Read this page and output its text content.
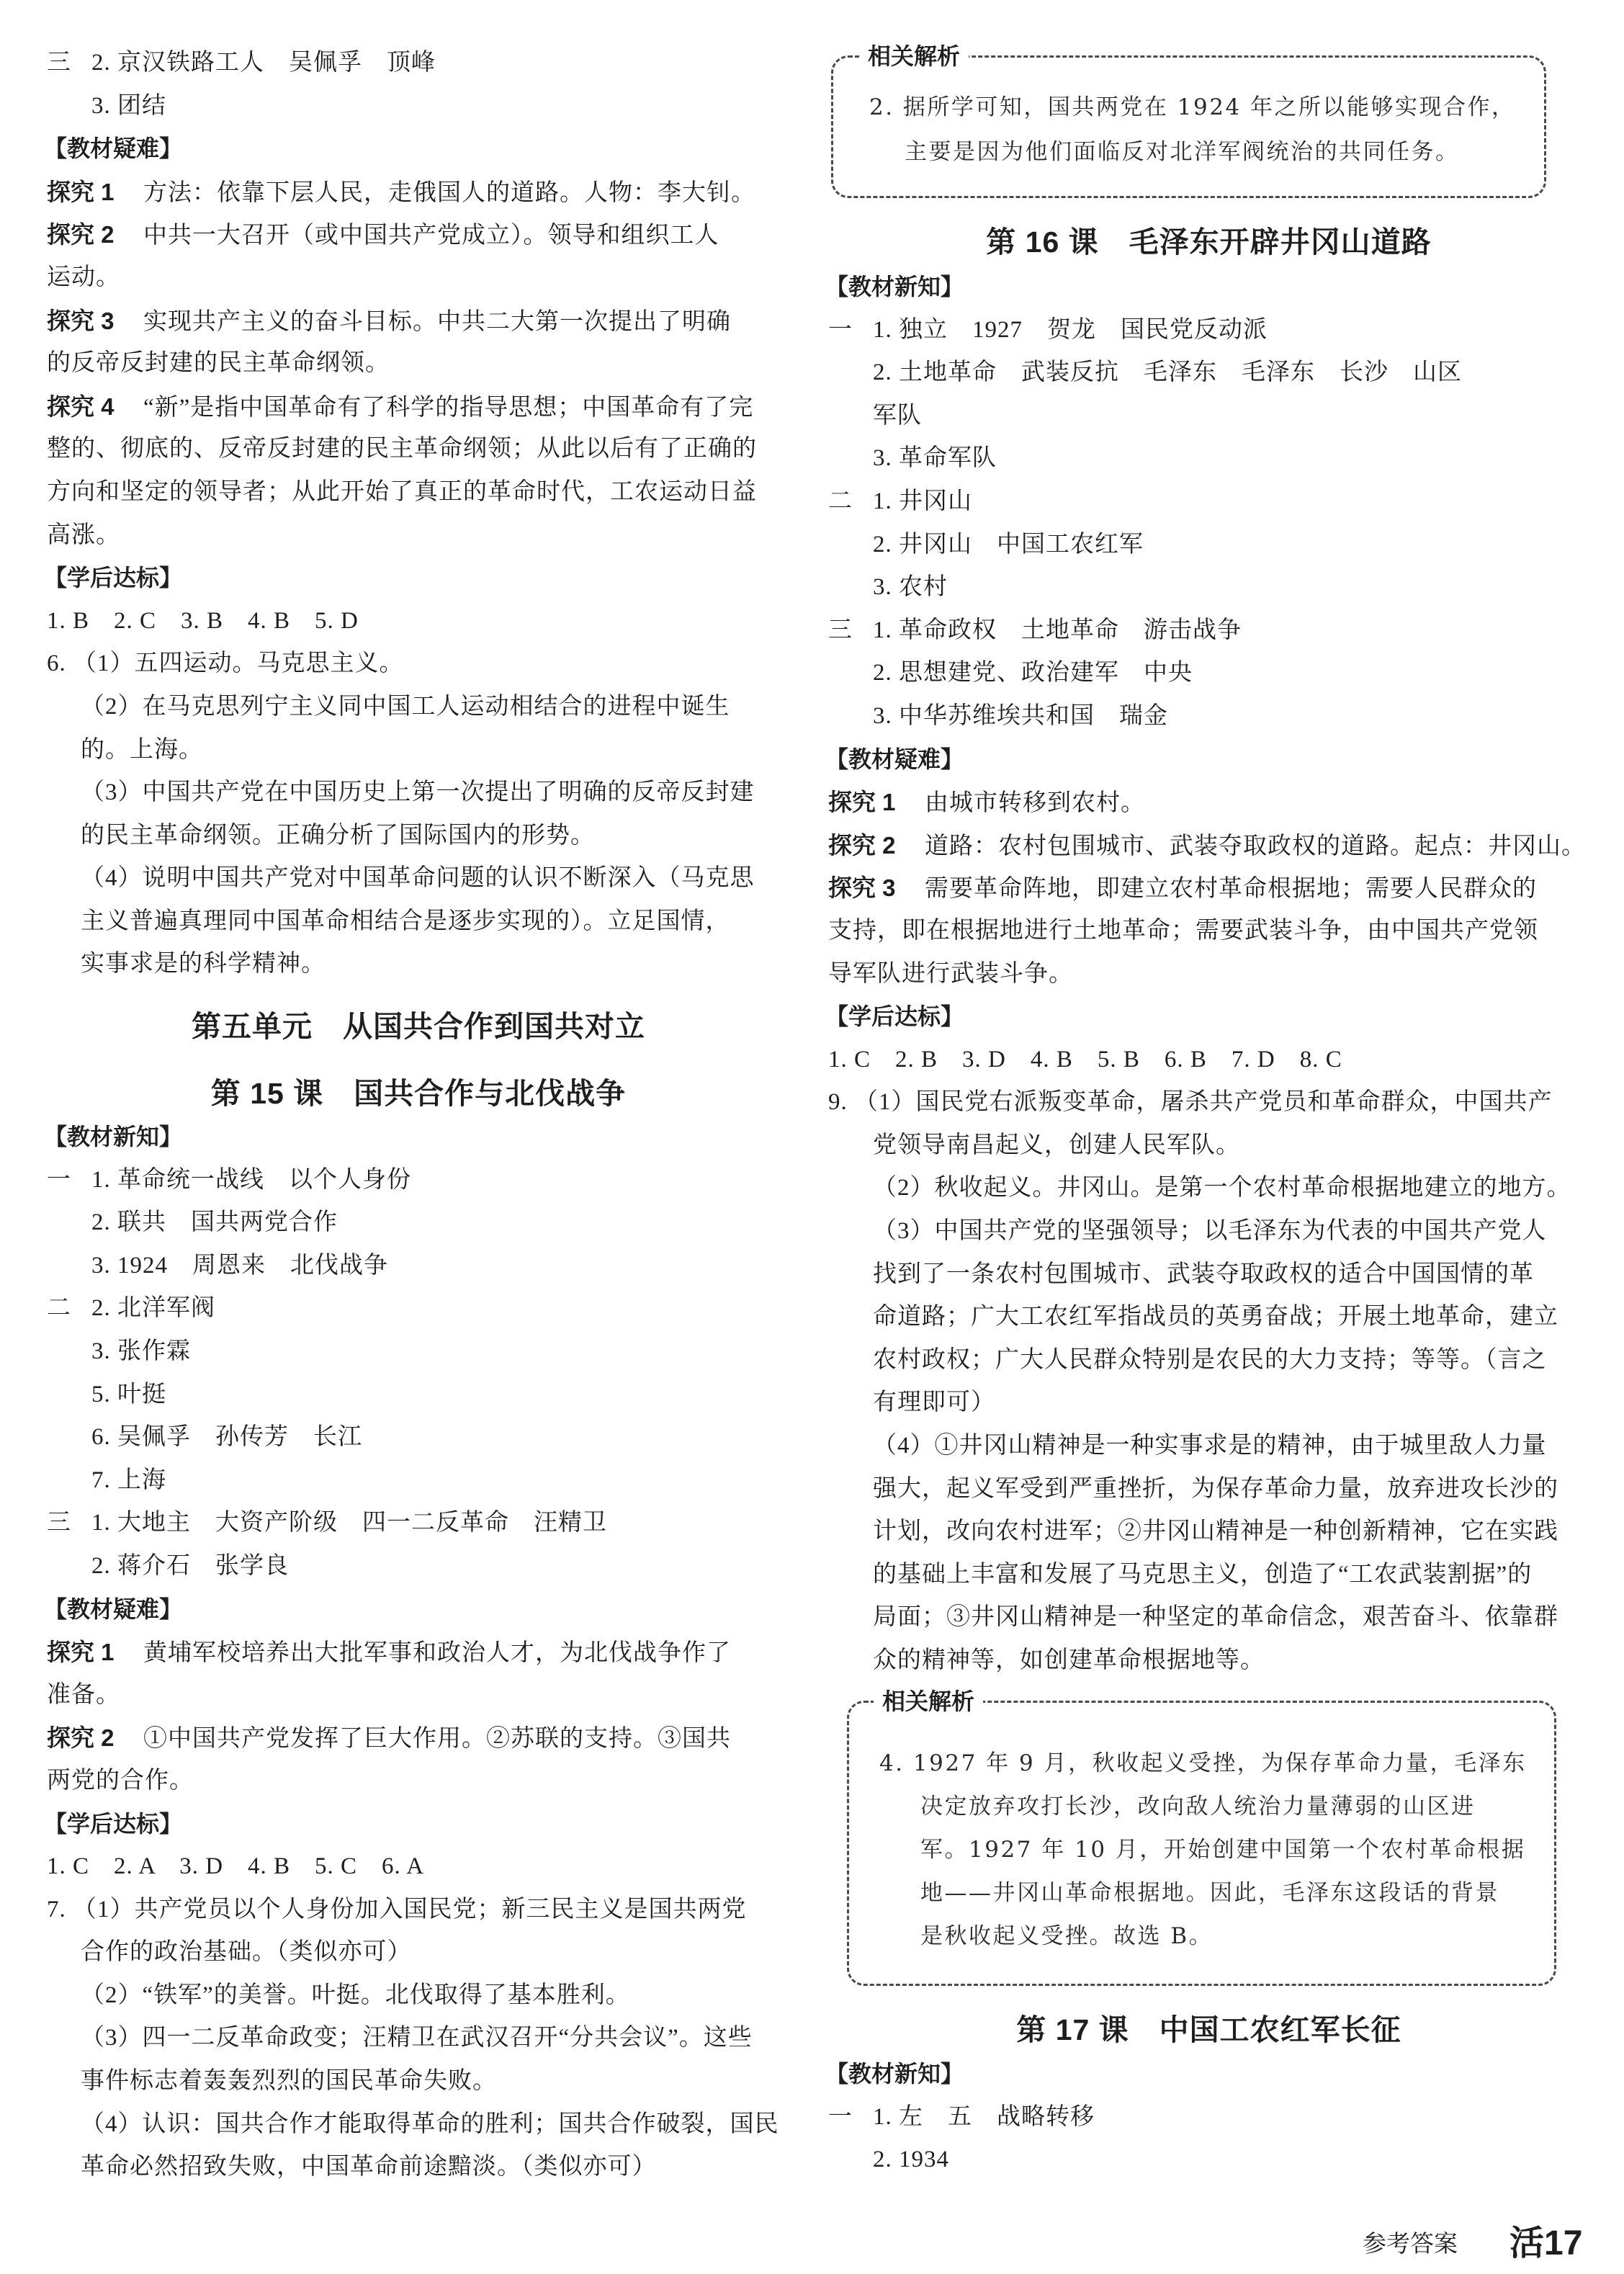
三 2. 京汉铁路工人　吴佩孚　顶峰
3. 团结
【教材疑难】
探究 1 方法：依靠下层人民，走俄国人的道路。人物：李大钊。
探究 2 中共一大召开（或中国共产党成立）。领导和组织工人
运动。
探究 3 实现共产主义的奋斗目标。中共二大第一次提出了明确
的反帝反封建的民主革命纲领。
探究 4 “新”是指中国革命有了科学的指导思想；中国革命有了完
整的、彻底的、反帝反封建的民主革命纲领；从此以后有了正确的
方向和坚定的领导者；从此开始了真正的革命时代，工农运动日益
高涨。
【学后达标】
1. B　2. C　3. B　4. B　5. D
6. （1）五四运动。马克思主义。
（2）在马克思列宁主义同中国工人运动相结合的进程中诞生
的。上海。
（3）中国共产党在中国历史上第一次提出了明确的反帝反封建
的民主革命纲领。正确分析了国际国内的形势。
（4）说明中国共产党对中国革命问题的认识不断深入（马克思
主义普遍真理同中国革命相结合是逐步实现的）。立足国情，
实事求是的科学精神。
第五单元　从国共合作到国共对立
第 15 课　国共合作与北伐战争
【教材新知】
一 1. 革命统一战线　以个人身份
2. 联共　国共两党合作
3. 1924　周恩来　北伐战争
二 2. 北洋军阀
3. 张作霖
5. 叶挺
6. 吴佩孚　孙传芳　长江
7. 上海
三 1. 大地主　大资产阶级　四一二反革命　汪精卫
2. 蒋介石　张学良
【教材疑难】
探究 1 黄埔军校培养出大批军事和政治人才，为北伐战争作了
准备。
探究 2 ①中国共产党发挥了巨大作用。②苏联的支持。③国共
两党的合作。
【学后达标】
1. C　2. A　3. D　4. B　5. C　6. A
7. （1）共产党员以个人身份加入国民党；新三民主义是国共两党
合作的政治基础。（类似亦可）
（2）“铁军”的美誉。叶挺。北伐取得了基本胜利。
（3）四一二反革命政变；汪精卫在武汉召开“分共会议”。这些
事件标志着轰轰烈烈的国民革命失败。
（4）认识：国共合作才能取得革命的胜利；国共合作破裂，国民
革命必然招致失败，中国革命前途黯淡。（类似亦可）
相关解析
2. 据所学可知，国共两党在 1924 年之所以能够实现合作，
主要是因为他们面临反对北洋军阀统治的共同任务。
第 16 课　毛泽东开辟井冈山道路
【教材新知】
一 1. 独立　1927　贺龙　国民党反动派
2. 土地革命　武装反抗　毛泽东　毛泽东　长沙　山区
军队
3. 革命军队
二 1. 井冈山
2. 井冈山　中国工农红军
3. 农村
三 1. 革命政权　土地革命　游击战争
2. 思想建党、政治建军　中央
3. 中华苏维埃共和国　瑞金
【教材疑难】
探究 1 由城市转移到农村。
探究 2 道路：农村包围城市、武装夺取政权的道路。起点：井冈山。
探究 3 需要革命阵地，即建立农村革命根据地；需要人民群众的
支持，即在根据地进行土地革命；需要武装斗争，由中国共产党领
导军队进行武装斗争。
【学后达标】
1. C　2. B　3. D　4. B　5. B　6. B　7. D　8. C
9. （1）国民党右派叛变革命，屠杀共产党员和革命群众，中国共产
党领导南昌起义，创建人民军队。
（2）秋收起义。井冈山。是第一个农村革命根据地建立的地方。
（3）中国共产党的坚强领导；以毛泽东为代表的中国共产党人
找到了一条农村包围城市、武装夺取政权的适合中国国情的革
命道路；广大工农红军指战员的英勇奋战；开展土地革命，建立
农村政权；广大人民群众特别是农民的大力支持；等等。（言之
有理即可）
（4）①井冈山精神是一种实事求是的精神，由于城里敌人力量
强大，起义军受到严重挫折，为保存革命力量，放弃进攻长沙的
计划，改向农村进军；②井冈山精神是一种创新精神，它在实践
的基础上丰富和发展了马克思主义，创造了“工农武装割据”的
局面；③井冈山精神是一种坚定的革命信念，艰苦奋斗、依靠群
众的精神等，如创建革命根据地等。
相关解析
4. 1927 年 9 月，秋收起义受挫，为保存革命力量，毛泽东
决定放弃攻打长沙，改向敌人统治力量薄弱的山区进
军。1927 年 10 月，开始创建中国第一个农村革命根据
地——井冈山革命根据地。因此，毛泽东这段话的背景
是秋收起义受挫。故选 B。
第 17 课　中国工农红军长征
【教材新知】
一 1. 左　五　战略转移
2. 1934
参考答案 活17
